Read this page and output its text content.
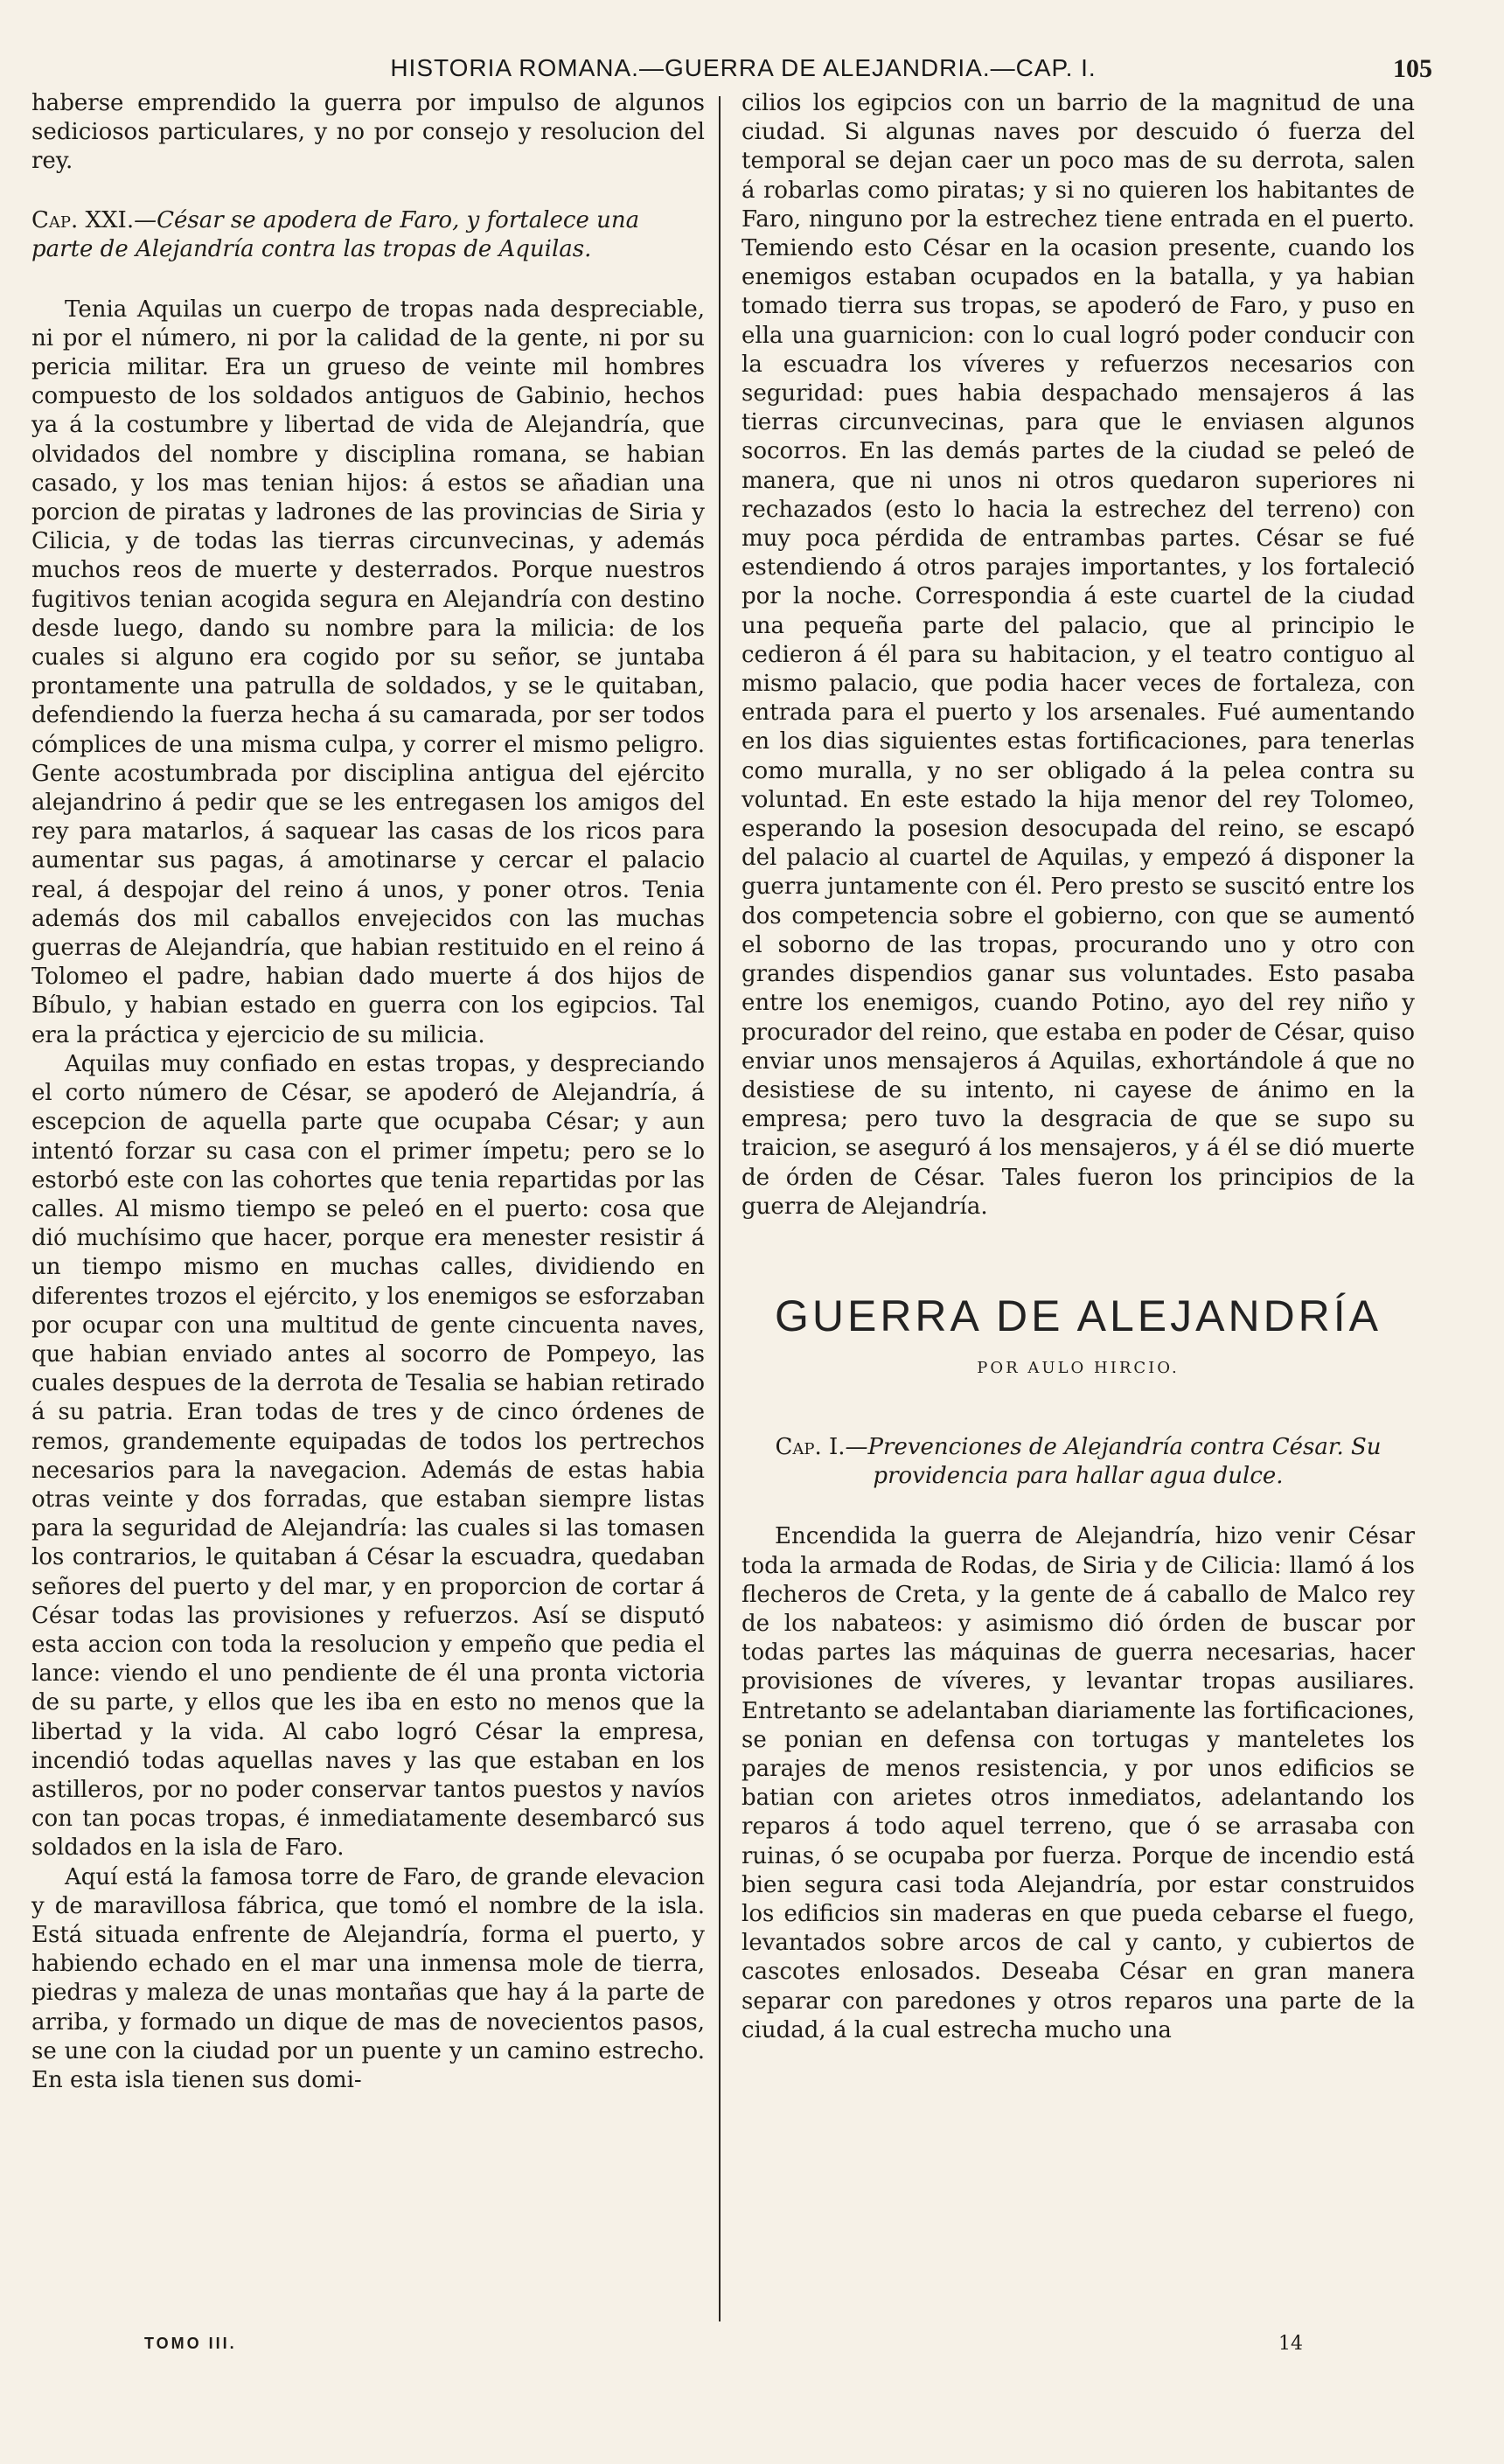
HISTORIA ROMANA.—GUERRA DE ALEJANDRIA.—CAP. I.	105

haberse emprendido la guerra por impulso de algunos sediciosos particulares, y no por consejo y resolucion del rey.

Cap. XXI.—César se apodera de Faro, y fortalece una parte de Alejandría contra las tropas de Aquilas.

Tenia Aquilas un cuerpo de tropas nada despreciable, ni por el número, ni por la calidad de la gente, ni por su pericia militar. Era un grueso de veinte mil hombres compuesto de los soldados antiguos de Gabinio, hechos ya á la costumbre y libertad de vida de Alejandría, que olvidados del nombre y disciplina romana, se habian casado, y los mas tenian hijos: á estos se añadian una porcion de piratas y ladrones de las provincias de Siria y Cilicia, y de todas las tierras circunvecinas, y además muchos reos de muerte y desterrados. Porque nuestros fugitivos tenian acogida segura en Alejandría con destino desde luego, dando su nombre para la milicia: de los cuales si alguno era cogido por su señor, se juntaba prontamente una patrulla de soldados, y se le quitaban, defendiendo la fuerza hecha á su camarada, por ser todos cómplices de una misma culpa, y correr el mismo peligro. Gente acostumbrada por disciplina antigua del ejército alejandrino á pedir que se les entregasen los amigos del rey para matarlos, á saquear las casas de los ricos para aumentar sus pagas, á amotinarse y cercar el palacio real, á despojar del reino á unos, y poner otros. Tenia además dos mil caballos envejecidos con las muchas guerras de Alejandría, que habian restituido en el reino á Tolomeo el padre, habian dado muerte á dos hijos de Bíbulo, y habian estado en guerra con los egipcios. Tal era la práctica y ejercicio de su milicia.

Aquilas muy confiado en estas tropas, y despreciando el corto número de César, se apoderó de Alejandría, á escepcion de aquella parte que ocupaba César; y aun intentó forzar su casa con el primer ímpetu; pero se lo estorbó este con las cohortes que tenia repartidas por las calles. Al mismo tiempo se peleó en el puerto: cosa que dió muchísimo que hacer, porque era menester resistir á un tiempo mismo en muchas calles, dividiendo en diferentes trozos el ejército, y los enemigos se esforzaban por ocupar con una multitud de gente cincuenta naves, que habian enviado antes al socorro de Pompeyo, las cuales despues de la derrota de Tesalia se habian retirado á su patria. Eran todas de tres y de cinco órdenes de remos, grandemente equipadas de todos los pertrechos necesarios para la navegacion. Además de estas habia otras veinte y dos forradas, que estaban siempre listas para la seguridad de Alejandría: las cuales si las tomasen los contrarios, le quitaban á César la escuadra, quedaban señores del puerto y del mar, y en proporcion de cortar á César todas las provisiones y refuerzos. Así se disputó esta accion con toda la resolucion y empeño que pedia el lance: viendo el uno pendiente de él una pronta victoria de su parte, y ellos que les iba en esto no menos que la libertad y la vida. Al cabo logró César la empresa, incendió todas aquellas naves y las que estaban en los astilleros, por no poder conservar tantos puestos y navíos con tan pocas tropas, é inmediatamente desembarcó sus soldados en la isla de Faro.

Aquí está la famosa torre de Faro, de grande elevacion y de maravillosa fábrica, que tomó el nombre de la isla. Está situada enfrente de Alejandría, forma el puerto, y habiendo echado en el mar una inmensa mole de tierra, piedras y maleza de unas montañas que hay á la parte de arriba, y formado un dique de mas de novecientos pasos, se une con la ciudad por un puente y un camino estrecho. En esta isla tienen sus domi-

cilios los egipcios con un barrio de la magnitud de una ciudad. Si algunas naves por descuido ó fuerza del temporal se dejan caer un poco mas de su derrota, salen á robarlas como piratas; y si no quieren los habitantes de Faro, ninguno por la estrechez tiene entrada en el puerto. Temiendo esto César en la ocasion presente, cuando los enemigos estaban ocupados en la batalla, y ya habian tomado tierra sus tropas, se apoderó de Faro, y puso en ella una guarnicion: con lo cual logró poder conducir con la escuadra los víveres y refuerzos necesarios con seguridad: pues habia despachado mensajeros á las tierras circunvecinas, para que le enviasen algunos socorros. En las demás partes de la ciudad se peleó de manera, que ni unos ni otros quedaron superiores ni rechazados (esto lo hacia la estrechez del terreno) con muy poca pérdida de entrambas partes. César se fué estendiendo á otros parajes importantes, y los fortaleció por la noche. Correspondia á este cuartel de la ciudad una pequeña parte del palacio, que al principio le cedieron á él para su habitacion, y el teatro contiguo al mismo palacio, que podia hacer veces de fortaleza, con entrada para el puerto y los arsenales. Fué aumentando en los dias siguientes estas fortificaciones, para tenerlas como muralla, y no ser obligado á la pelea contra su voluntad. En este estado la hija menor del rey Tolomeo, esperando la posesion desocupada del reino, se escapó del palacio al cuartel de Aquilas, y empezó á disponer la guerra juntamente con él. Pero presto se suscitó entre los dos competencia sobre el gobierno, con que se aumentó el soborno de las tropas, procurando uno y otro con grandes dispendios ganar sus voluntades. Esto pasaba entre los enemigos, cuando Potino, ayo del rey niño y procurador del reino, que estaba en poder de César, quiso enviar unos mensajeros á Aquilas, exhortándole á que no desistiese de su intento, ni cayese de ánimo en la empresa; pero tuvo la desgracia de que se supo su traicion, se aseguró á los mensajeros, y á él se dió muerte de órden de César. Tales fueron los principios de la guerra de Alejandría.

GUERRA DE ALEJANDRÍA
POR AULO HIRCIO.
Cap. I.—Prevenciones de Alejandría contra César. Su providencia para hallar agua dulce.

Encendida la guerra de Alejandría, hizo venir César toda la armada de Rodas, de Siria y de Cilicia: llamó á los flecheros de Creta, y la gente de á caballo de Malco rey de los nabateos: y asimismo dió órden de buscar por todas partes las máquinas de guerra necesarias, hacer provisiones de víveres, y levantar tropas ausiliares. Entretanto se adelantaban diariamente las fortificaciones, se ponian en defensa con tortugas y manteletes los parajes de menos resistencia, y por unos edificios se batian con arietes otros inmediatos, adelantando los reparos á todo aquel terreno, que ó se arrasaba con ruinas, ó se ocupaba por fuerza. Porque de incendio está bien segura casi toda Alejandría, por estar construidos los edificios sin maderas en que pueda cebarse el fuego, levantados sobre arcos de cal y canto, y cubiertos de cascotes enlosados. Deseaba César en gran manera separar con paredones y otros reparos una parte de la ciudad, á la cual estrecha mucho una

TOMO III.	14
